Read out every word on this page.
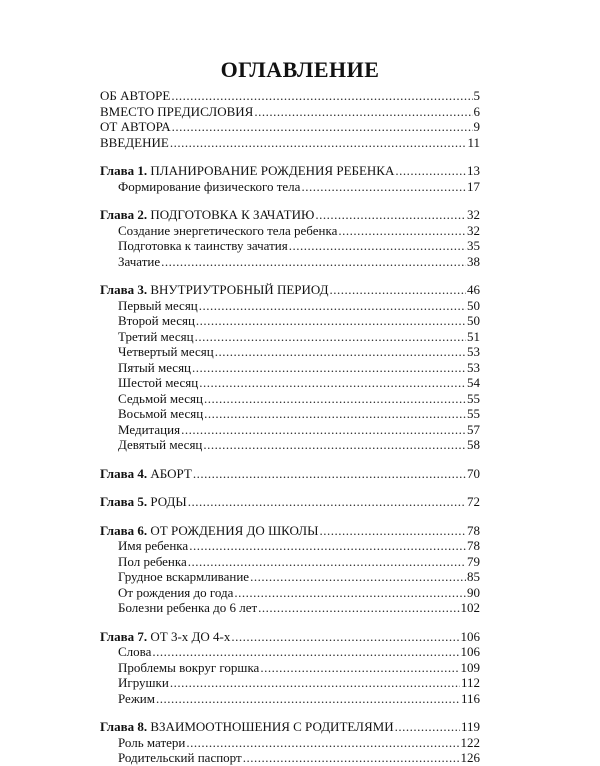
ОГЛАВЛЕНИЕ
ОБ АВТОРЕ .....	5
ВМЕСТО ПРЕДИСЛОВИЯ .....	6
ОТ АВТОРА .....	9
ВВЕДЕНИЕ .....	11
Глава 1. ПЛАНИРОВАНИЕ РОЖДЕНИЯ РЕБЕНКА .....	13
Формирование физического тела .....	17
Глава 2. ПОДГОТОВКА К ЗАЧАТИЮ .....	32
Создание энергетического тела ребенка .....	32
Подготовка к таинству зачатия .....	35
Зачатие .....	38
Глава 3. ВНУТРИУТРОБНЫЙ ПЕРИОД .....	46
Первый месяц .....	50
Второй месяц .....	50
Третий месяц .....	51
Четвертый месяц .....	53
Пятый месяц .....	53
Шестой месяц .....	54
Седьмой месяц .....	55
Восьмой месяц .....	55
Медитация .....	57
Девятый месяц .....	58
Глава 4. АБОРТ .....	70
Глава 5. РОДЫ .....	72
Глава 6. ОТ РОЖДЕНИЯ ДО ШКОЛЫ .....	78
Имя ребенка .....	78
Пол ребенка .....	79
Грудное вскармливание .....	85
От рождения до года .....	90
Болезни ребенка до 6 лет .....	102
Глава 7. ОТ 3-х ДО 4-х .....	106
Слова .....	106
Проблемы вокруг горшка .....	109
Игрушки .....	112
Режим .....	116
Глава 8. ВЗАИМООТНОШЕНИЯ С РОДИТЕЛЯМИ .....	119
Роль матери .....	122
Родительский паспорт .....	126
